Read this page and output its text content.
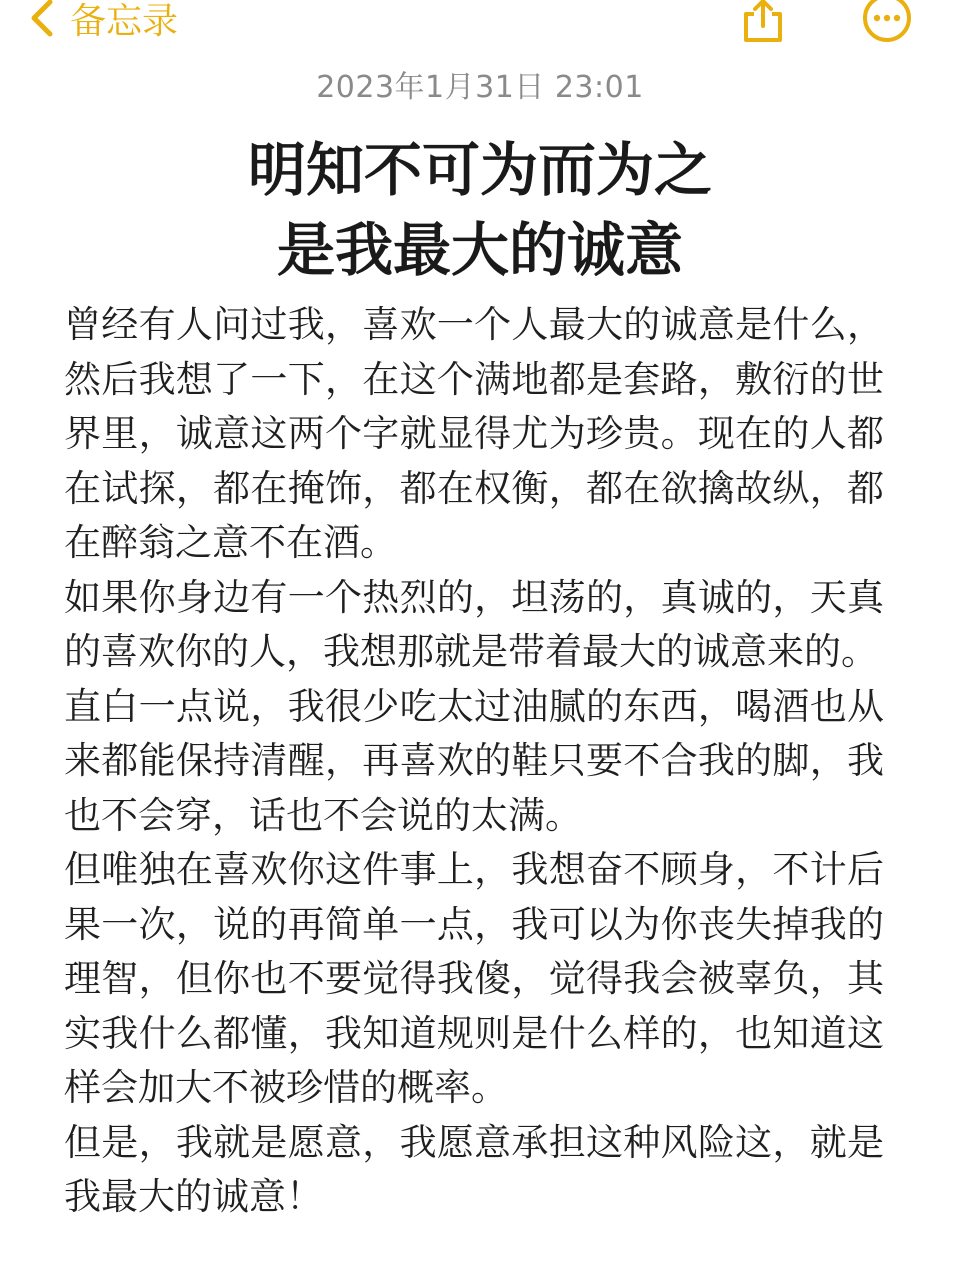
备忘录
2023年1月31日 23:01
明知不可为而为之
是我最大的诚意

曾经有人问过我，喜欢一个人最大的诚意是什么，然后我想了一下，在这个满地都是套路，敷衍的世界里，诚意这两个字就显得尤为珍贵。现在的人都在试探，都在掩饰，都在权衡，都在欲擒故纵，都在醉翁之意不在酒。

如果你身边有一个热烈的，坦荡的，真诚的，天真的喜欢你的人，我想那就是带着最大的诚意来的。

直白一点说，我很少吃太过油腻的东西，喝酒也从来都能保持清醒，再喜欢的鞋只要不合我的脚，我也不会穿，话也不会说的太满。

但唯独在喜欢你这件事上，我想奋不顾身，不计后果一次，说的再简单一点，我可以为你丧失掉我的理智，但你也不要觉得我傻，觉得我会被辜负，其实我什么都懂，我知道规则是什么样的，也知道这样会加大不被珍惜的概率。

但是，我就是愿意，我愿意承担这种风险这，就是我最大的诚意！
